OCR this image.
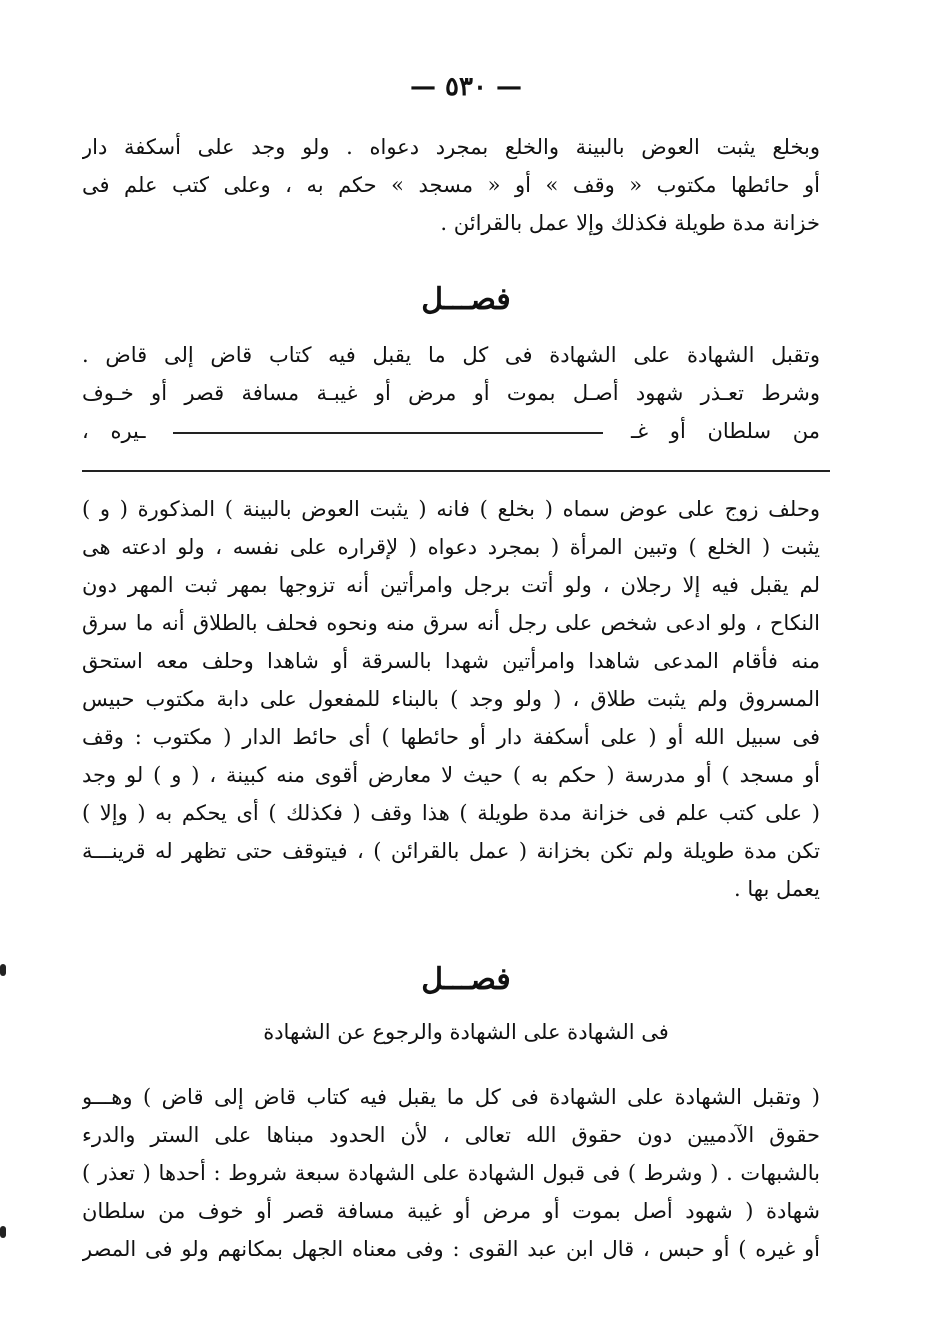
— ٥٣٠ —
وبخلع يثبت العوض بالبينة والخلع بمجرد دعواه . ولو وجد على أسكفة دار
أو حائطها مكتوب « وقف » أو « مسجد » حكم به ، وعلى كتب علم فى
خزانة مدة طويلة فكذلك وإلا عمل بالقرائن .
فصـــل
وتقبل الشهادة على الشهادة فى كل ما يقبل فيه كتاب قاض إلى قاض .
وشرط تعـذر شهود أصـل بموت أو مرض أو غيبـة مسافة قصر أو خـوف
من سلطان أو غـ  ـيره ،
وحلف زوج على عوض سماه ( بخلع ) فانه ( يثبت العوض بالبينة ) المذكورة ( و )
يثبت ( الخلع ) وتبين المرأة ( بمجرد دعواه ( لإقراره على نفسه ، ولو ادعته هى
لم يقبل فيه إلا رجلان ، ولو أتت برجل وامرأتين أنه تزوجها بمهر ثبت المهر دون
النكاح ، ولو ادعى شخص على رجل أنه سرق منه ونحوه فحلف بالطلاق أنه ما سرق
منه فأقام المدعى شاهدا وامرأتين شهدا بالسرقة أو شاهدا وحلف معه استحق
المسروق ولم يثبت طلاق ، ( ولو وجد ) بالبناء للمفعول على دابة مكتوب حبيس
فى سبيل الله أو ( على أسكفة دار أو حائطها ) أى حائط الدار ( مكتوب : وقف
أو مسجد ) أو مدرسة ( حكم به ) حيث لا معارض أقوى منه كبينة ، ( و ) لو وجد
( على كتب علم فى خزانة مدة طويلة ) هذا وقف ( فكذلك ) أى يحكم به ( وإلا )
تكن مدة طويلة ولم تكن بخزانة ( عمل بالقرائن ) ، فيتوقف حتى تظهر له قرينـــة
يعمل بها .
فصـــل
فى الشهادة على الشهادة والرجوع عن الشهادة
( وتقبل الشهادة على الشهادة فى كل ما يقبل فيه كتاب قاض إلى قاض ) وهـــو
حقوق الآدميين دون حقوق الله تعالى ، لأن الحدود مبناها على الستر والدرء
بالشبهات . ( وشرط ) فى قبول الشهادة على الشهادة سبعة شروط : أحدها ( تعذر )
شهادة ( شهود أصل بموت أو مرض أو غيبة مسافة قصر أو خوف من سلطان
أو غيره ) أو حبس ، قال ابن عبد القوى : وفى معناه الجهل بمكانهم ولو فى المصر
